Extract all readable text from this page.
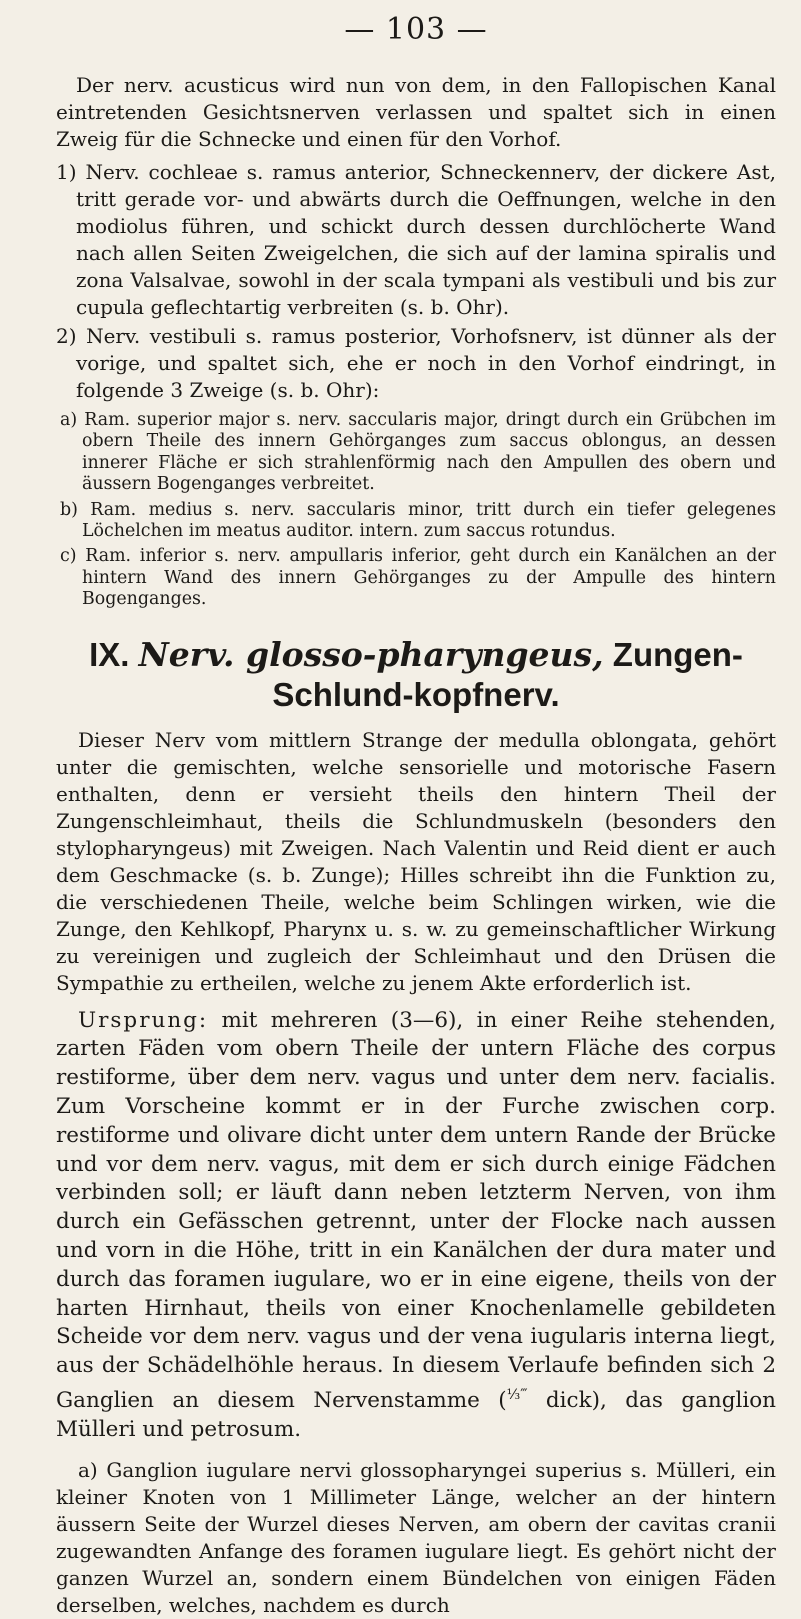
— 103 —

Der nerv. acusticus wird nun von dem, in den Fallopischen Kanal eintretenden Gesichtsnerven verlassen und spaltet sich in einen Zweig für die Schnecke und einen für den Vorhof.

1) Nerv. cochleae s. ramus anterior, Schneckennerv, der dickere Ast, tritt gerade vor- und abwärts durch die Oeffnungen, welche in den modiolus führen, und schickt durch dessen durchlöcherte Wand nach allen Seiten Zweigelchen, die sich auf der lamina spiralis und zona Valsalvae, sowohl in der scala tympani als vestibuli und bis zur cupula geflechtartig verbreiten (s. b. Ohr).

2) Nerv. vestibuli s. ramus posterior, Vorhofsnerv, ist dünner als der vorige, und spaltet sich, ehe er noch in den Vorhof eindringt, in folgende 3 Zweige (s. b. Ohr):

a) Ram. superior major s. nerv. saccularis major, dringt durch ein Grübchen im obern Theile des innern Gehörganges zum saccus oblongus, an dessen innerer Fläche er sich strahlenförmig nach den Ampullen des obern und äussern Bogenganges verbreitet.

b) Ram. medius s. nerv. saccularis minor, tritt durch ein tiefer gelegenes Löchelchen im meatus auditor. intern. zum saccus rotundus.

c) Ram. inferior s. nerv. ampullaris inferior, geht durch ein Kanälchen an der hintern Wand des innern Gehörganges zu der Ampulle des hintern Bogenganges.

IX. Nerv. glosso-pharyngeus, Zungen-Schlund-kopfnerv.

Dieser Nerv vom mittlern Strange der medulla oblongata, gehört unter die gemischten, welche sensorielle und motorische Fasern enthalten, denn er versieht theils den hintern Theil der Zungenschleimhaut, theils die Schlundmuskeln (besonders den stylopharyngeus) mit Zweigen. Nach Valentin und Reid dient er auch dem Geschmacke (s. b. Zunge); Hilles schreibt ihn die Funktion zu, die verschiedenen Theile, welche beim Schlingen wirken, wie die Zunge, den Kehlkopf, Pharynx u. s. w. zu gemeinschaftlicher Wirkung zu vereinigen und zugleich der Schleimhaut und den Drüsen die Sympathie zu ertheilen, welche zu jenem Akte erforderlich ist.

Ursprung: mit mehreren (3—6), in einer Reihe stehenden, zarten Fäden vom obern Theile der untern Fläche des corpus restiforme, über dem nerv. vagus und unter dem nerv. facialis. Zum Vorscheine kommt er in der Furche zwischen corp. restiforme und olivare dicht unter dem untern Rande der Brücke und vor dem nerv. vagus, mit dem er sich durch einige Fädchen verbinden soll; er läuft dann neben letzterm Nerven, von ihm durch ein Gefässchen getrennt, unter der Flocke nach aussen und vorn in die Höhe, tritt in ein Kanälchen der dura mater und durch das foramen iugulare, wo er in eine eigene, theils von der harten Hirnhaut, theils von einer Knochenlamelle gebildeten Scheide vor dem nerv. vagus und der vena iugularis interna liegt, aus der Schädelhöhle heraus. In diesem Verlaufe befinden sich 2 Ganglien an diesem Nervenstamme ($^{\frac{1}{3}‴}$ dick), das ganglion Mülleri und petrosum.

a) Ganglion iugulare nervi glossopharyngei superius s. Mülleri, ein kleiner Knoten von 1 Millimeter Länge, welcher an der hintern äussern Seite der Wurzel dieses Nerven, am obern der cavitas cranii zugewandten Anfange des foramen iugulare liegt. Es gehört nicht der ganzen Wurzel an, sondern einem Bündelchen von einigen Fäden derselben, welches, nachdem es durch
